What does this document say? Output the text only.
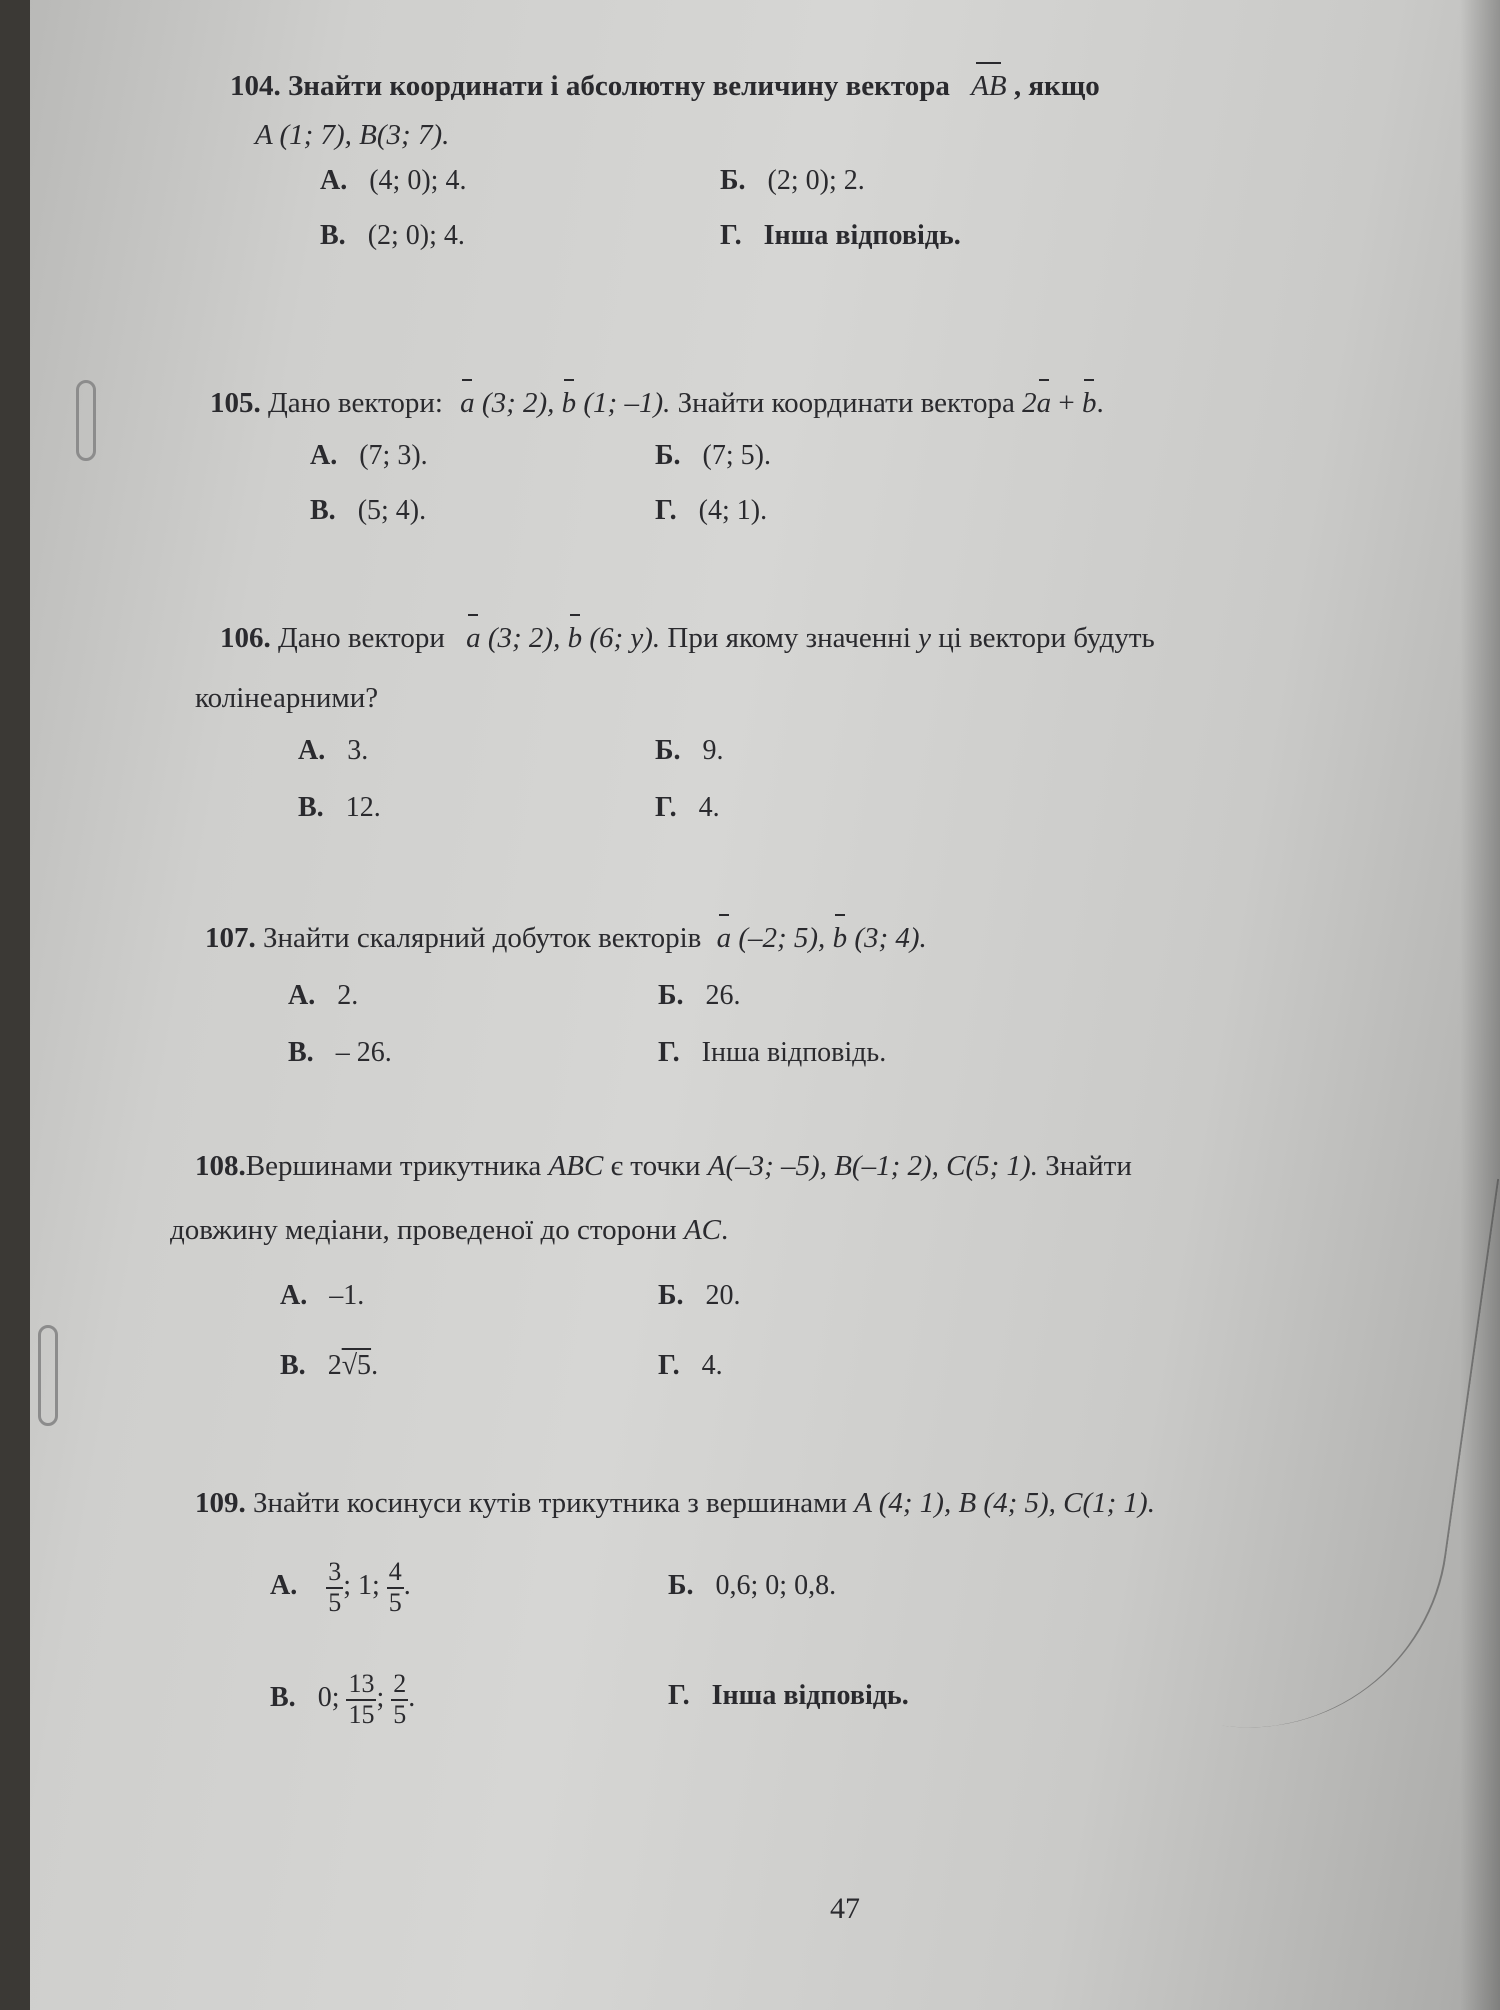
104. Знайти координати і абсолютну величину вектора AB , якщо
A (1; 7), B(3; 7).
А. (4; 0); 4.	Б. (2; 0); 2.
В. (2; 0); 4.	Г. Інша відповідь.
105. Дано вектори: a (3; 2), b (1; –1). Знайти координати вектора 2a + b.
А. (7; 3).	Б. (7; 5).
В. (5; 4).	Г. (4; 1).
106. Дано вектори a (3; 2), b (6; y). При якому значенні y ці вектори будуть
колінеарними?
А. 3.	Б. 9.
В. 12.	Г. 4.
107. Знайти скалярний добуток векторів a (–2; 5), b (3; 4).
А. 2.	Б. 26.
В. – 26.	Г. Інша відповідь.
108.Вершинами трикутника ABC є точки A(–3; –5), B(–1; 2), C(5; 1). Знайти
довжину медіани, проведеної до сторони AC.
А. –1.	Б. 20.
В. 2√5.	Г. 4.
109. Знайти косинуси кутів трикутника з вершинами A (4; 1), B (4; 5), C(1; 1).
А. $\frac{3}{5}$ ; 1; $\frac{4}{5}$ .	Б. 0,6; 0; 0,8.
В. 0; $\frac{13}{15}$ ; $\frac{2}{5}$ .	Г. Інша відповідь.
47
